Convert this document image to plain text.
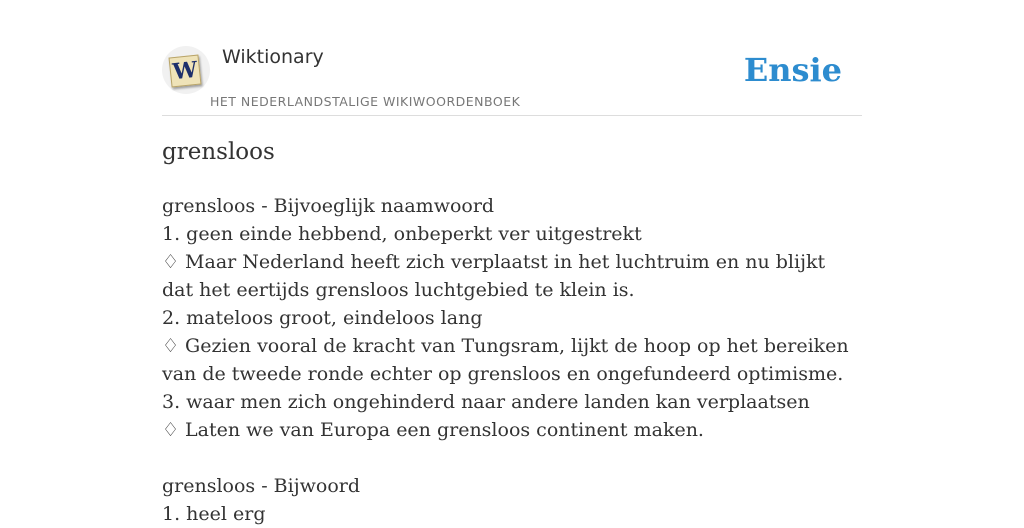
W Wiktionary
HET NEDERLANDSTALIGE WIKIWOORDENBOEK
Ensie
grensloos
grensloos - Bijvoeglijk naamwoord
1. geen einde hebbend, onbeperkt ver uitgestrekt
♢ Maar Nederland heeft zich verplaatst in het luchtruim en nu blijkt dat het eertijds grensloos luchtgebied te klein is.
2. mateloos groot, eindeloos lang
♢ Gezien vooral de kracht van Tungsram, lijkt de hoop op het bereiken van de tweede ronde echter op grensloos en ongefundeerd optimisme.
3. waar men zich ongehinderd naar andere landen kan verplaatsen
♢ Laten we van Europa een grensloos continent maken.
grensloos - Bijwoord
1. heel erg
